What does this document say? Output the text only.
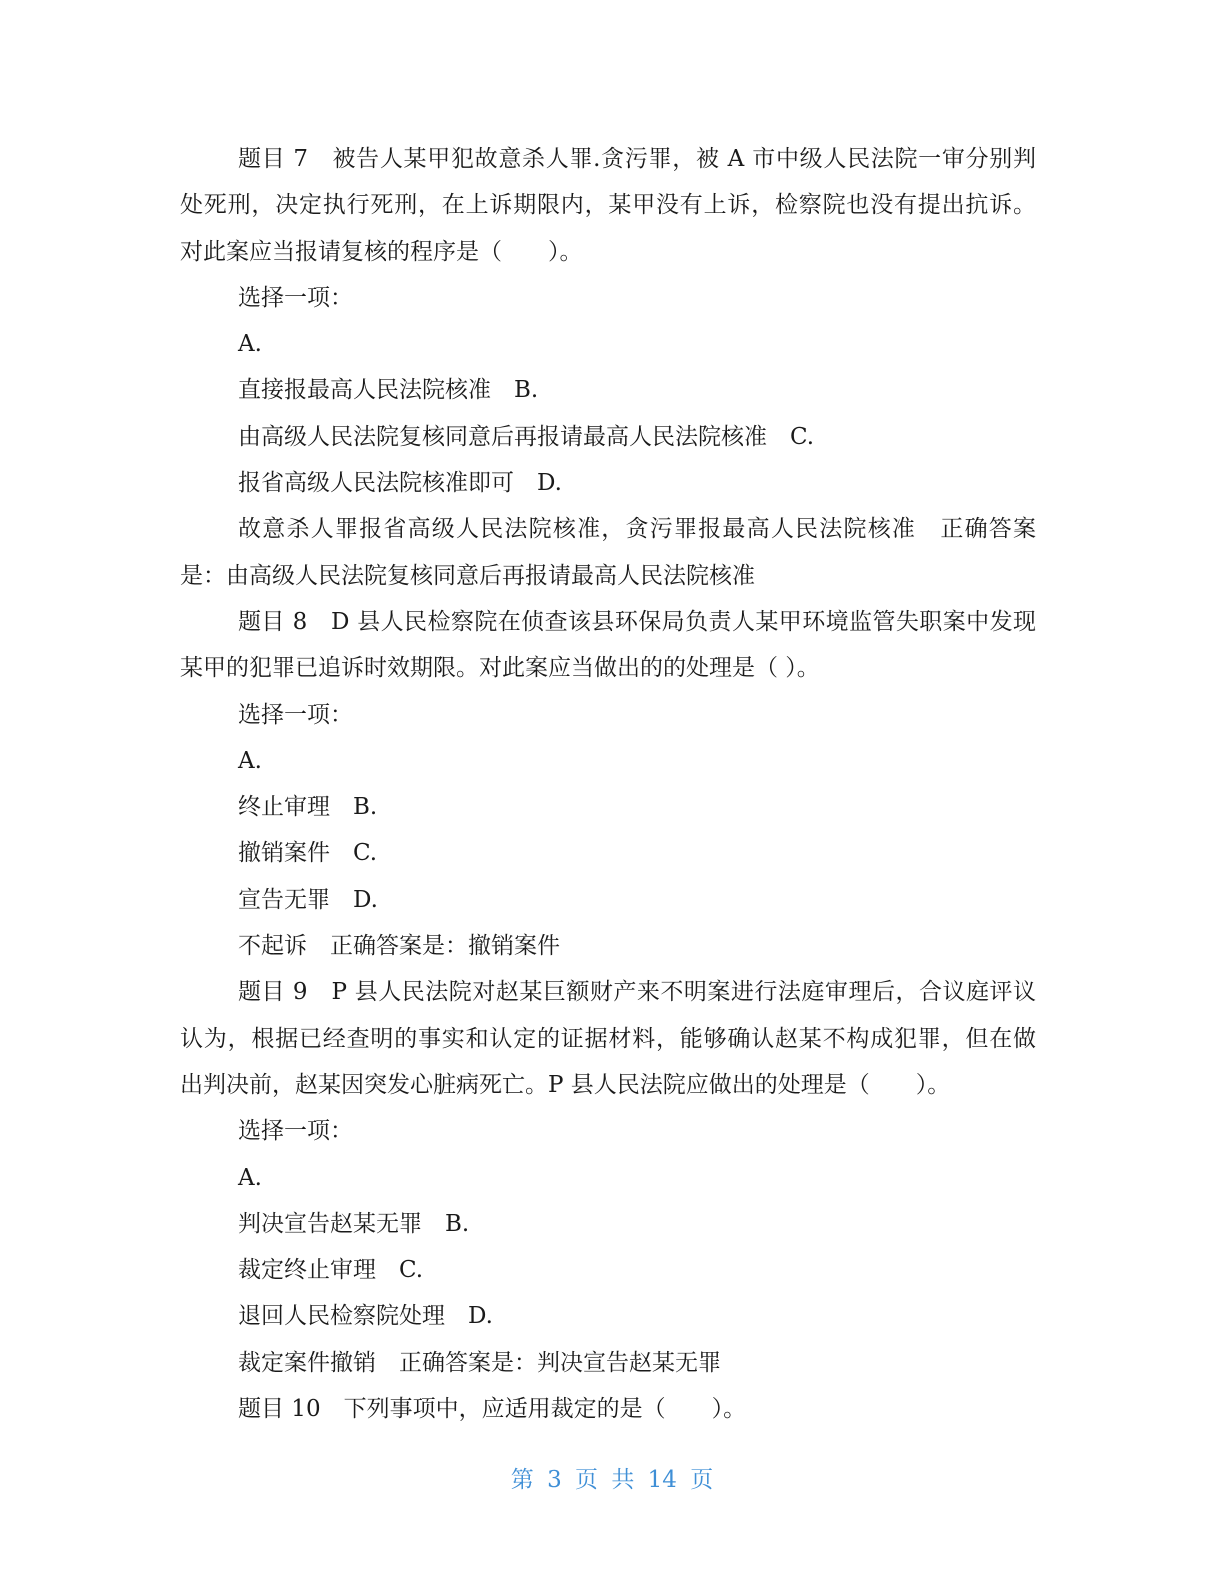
题目 7　被告人某甲犯故意杀人罪.贪污罪，被 A 市中级人民法院一审分别判
处死刑，决定执行死刑，在上诉期限内，某甲没有上诉，检察院也没有提出抗诉。
对此案应当报请复核的程序是（　　）。
选择一项：
A.
直接报最高人民法院核准　B.
由高级人民法院复核同意后再报请最高人民法院核准　C.
报省高级人民法院核准即可　D.
故意杀人罪报省高级人民法院核准，贪污罪报最高人民法院核准　正确答案
是：由高级人民法院复核同意后再报请最高人民法院核准
题目 8　D 县人民检察院在侦查该县环保局负责人某甲环境监管失职案中发现
某甲的犯罪已追诉时效期限。对此案应当做出的的处理是（ ）。
选择一项：
A.
终止审理　B.
撤销案件　C.
宣告无罪　D.
不起诉　正确答案是：撤销案件
题目 9　P 县人民法院对赵某巨额财产来不明案进行法庭审理后，合议庭评议
认为，根据已经查明的事实和认定的证据材料，能够确认赵某不构成犯罪，但在做
出判决前，赵某因突发心脏病死亡。P 县人民法院应做出的处理是（　　）。
选择一项：
A.
判决宣告赵某无罪　B.
裁定终止审理　C.
退回人民检察院处理　D.
裁定案件撤销　正确答案是：判决宣告赵某无罪
题目 10　下列事项中，应适用裁定的是（　　）。
第 3 页 共 14 页
